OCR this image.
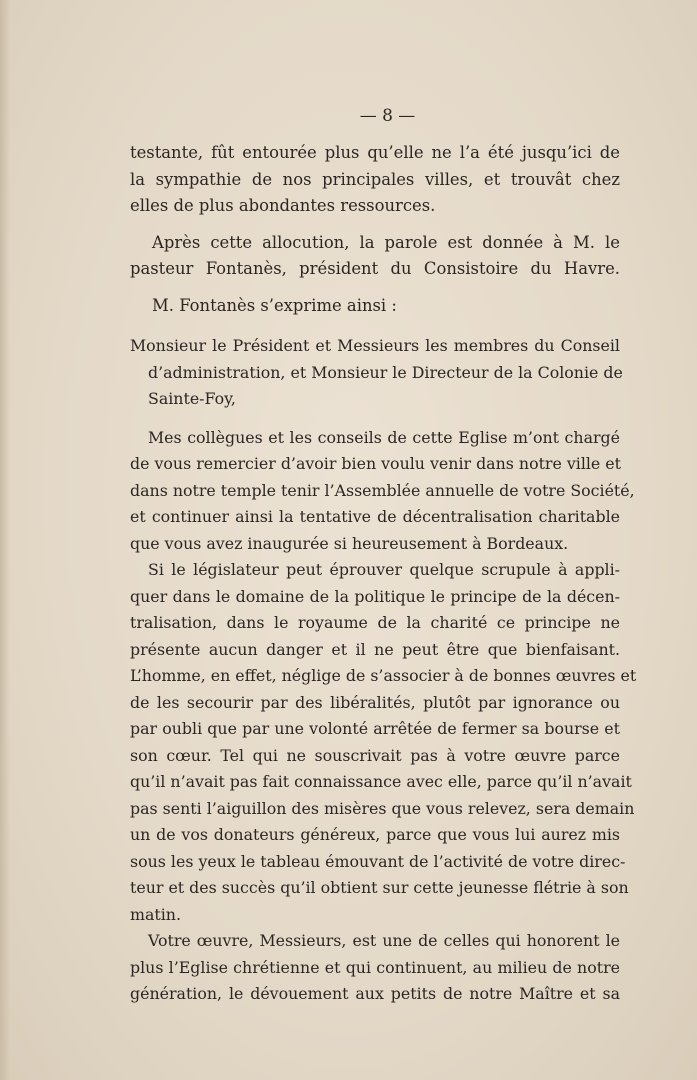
— 8 —
testante, fût entourée plus qu’elle ne l’a été jusqu’ici de
la sympathie de nos principales villes, et trouvât chez
elles de plus abondantes ressources.
Après cette allocution, la parole est donnée à M. le
pasteur Fontanès, président du Consistoire du Havre.
M. Fontanès s’exprime ainsi :
Monsieur le Président et Messieurs les membres du Conseil
d’administration, et Monsieur le Directeur de la Colonie de
Sainte-Foy,
Mes collègues et les conseils de cette Eglise m’ont chargé
de vous remercier d’avoir bien voulu venir dans notre ville et
dans notre temple tenir l’Assemblée annuelle de votre Société,
et continuer ainsi la tentative de décentralisation charitable
que vous avez inaugurée si heureusement à Bordeaux.
Si le législateur peut éprouver quelque scrupule à appli-
quer dans le domaine de la politique le principe de la décen-
tralisation, dans le royaume de la charité ce principe ne
présente aucun danger et il ne peut être que bienfaisant.
L’homme, en effet, néglige de s’associer à de bonnes œuvres et
de les secourir par des libéralités, plutôt par ignorance ou
par oubli que par une volonté arrêtée de fermer sa bourse et
son cœur. Tel qui ne souscrivait pas à votre œuvre parce
qu’il n’avait pas fait connaissance avec elle, parce qu’il n’avait
pas senti l’aiguillon des misères que vous relevez, sera demain
un de vos donateurs généreux, parce que vous lui aurez mis
sous les yeux le tableau émouvant de l’activité de votre direc-
teur et des succès qu’il obtient sur cette jeunesse flétrie à son
matin.
Votre œuvre, Messieurs, est une de celles qui honorent le
plus l’Eglise chrétienne et qui continuent, au milieu de notre
génération, le dévouement aux petits de notre Maître et sa
